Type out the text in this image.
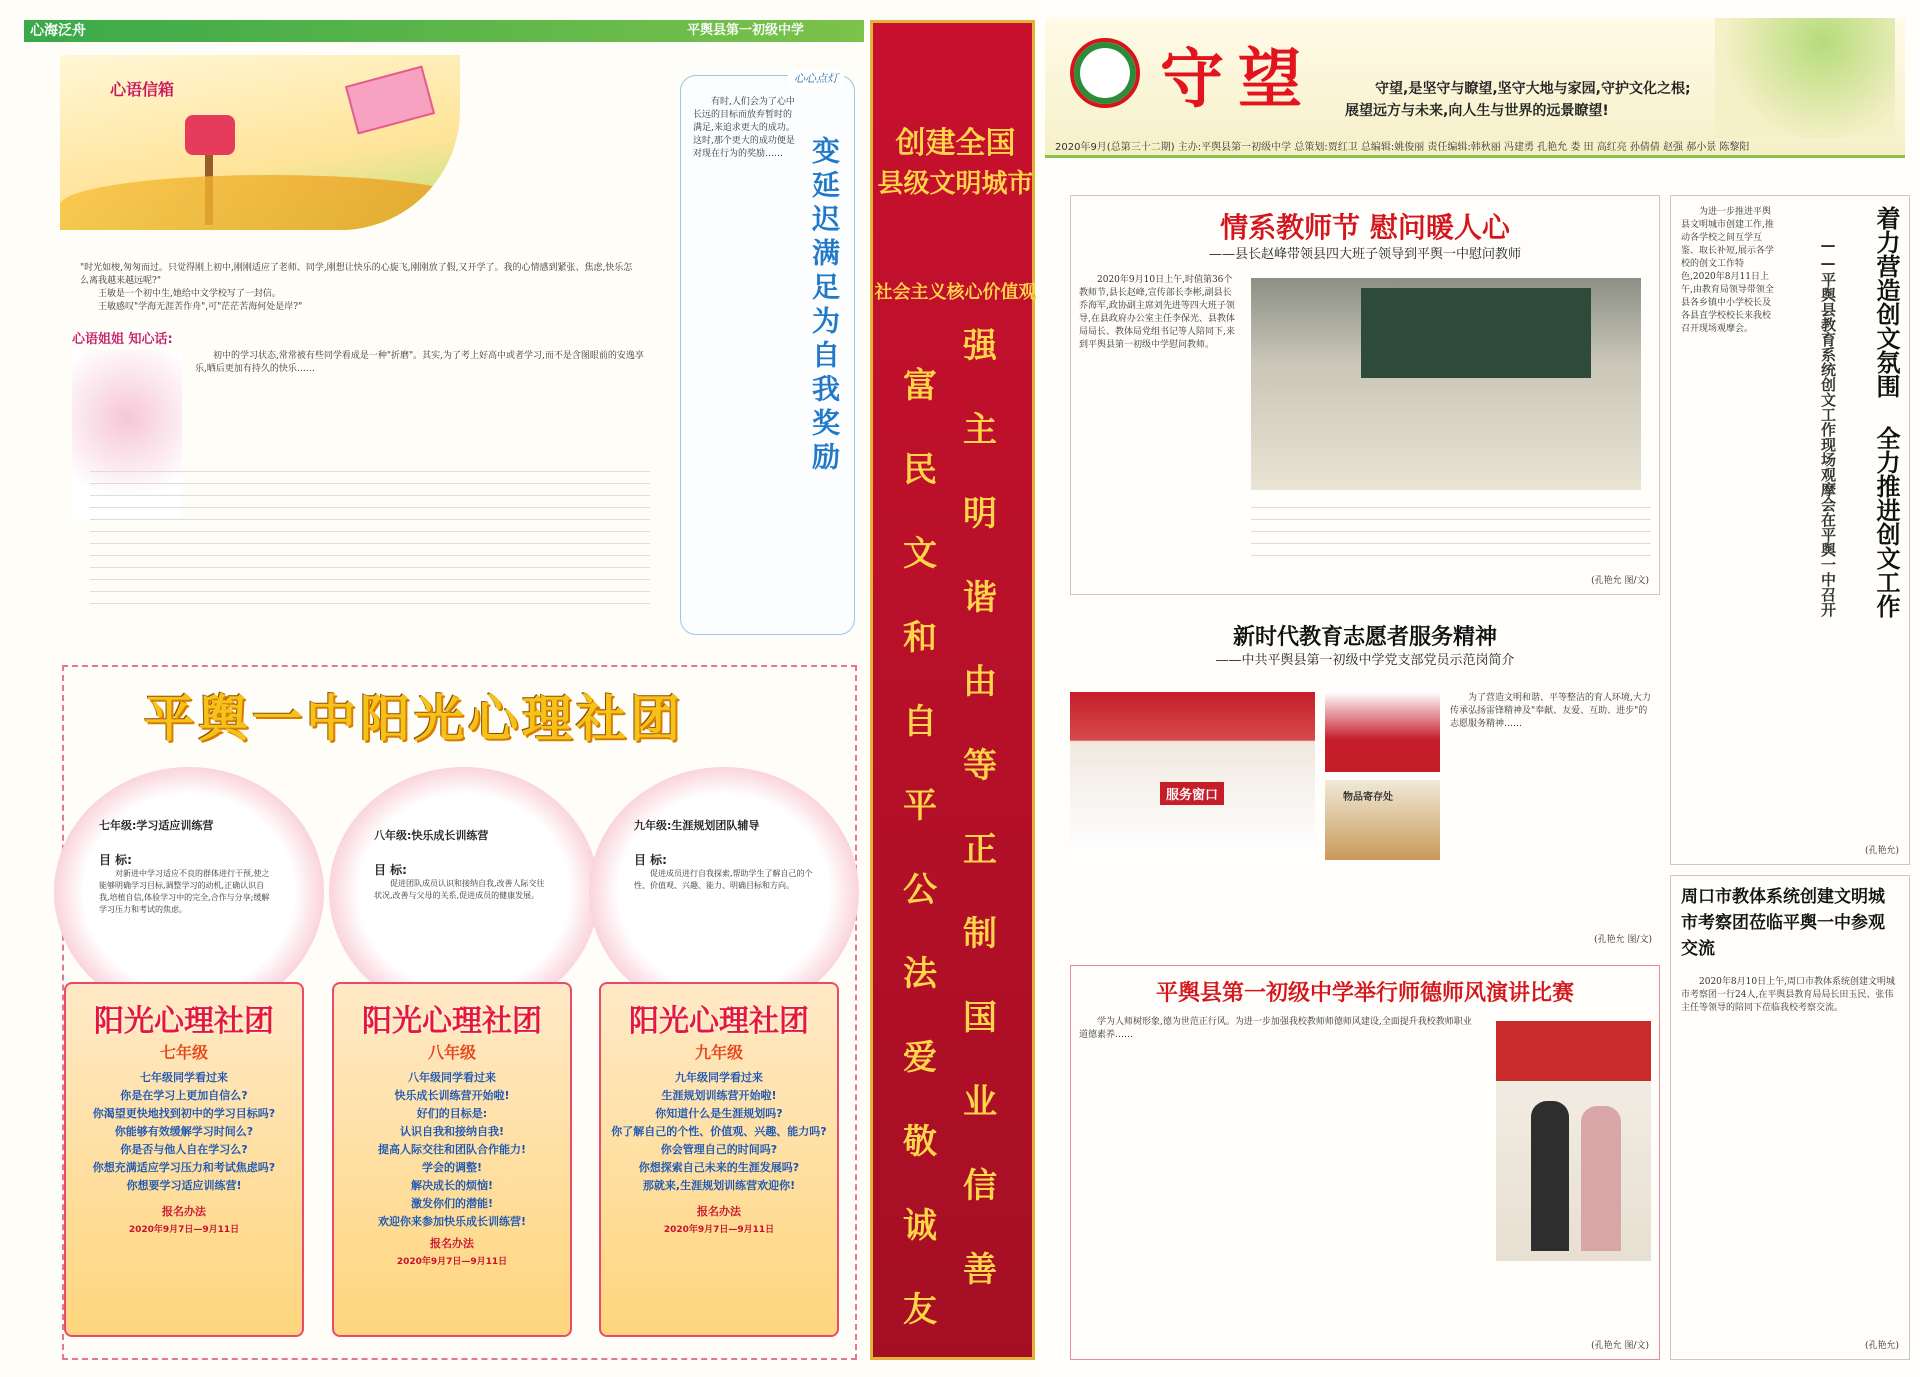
心海泛舟	平舆县第一初级中学
心语信箱

"时光如梭,匆匆而过。只觉得刚上初中,刚刚适应了老师、同学,刚想让快乐的心旋飞,刚刚放了假,又开学了。我的心情感到紧张、焦虑,快乐怎么离我越来越远呢?"

王敏是一个初中生,她给中文学校写了一封信。

王敏感叹"学海无涯苦作舟",可"茫茫苦海何处是岸?"

心语姐姐 知心话:
初中的学习状态,常常被有些同学看成是一种"折磨"。其实,为了考上好高中或者学习,而不是含图眼前的安逸享乐,晒后更加有持久的快乐……
心心点灯
有时,人们会为了心中长远的目标而放弃暂时的满足,来追求更大的成功。这时,那个更大的成功便是对现在行为的奖励…… 变延迟满足为自我奖励
平舆一中阳光心理社团
七年级:学习适应训练营
目 标:
对新进中学习适应不良的群体进行干预,使之能够明确学习目标,调整学习的动机,正确认识自我,培植自信,体验学习中的完全,合作与分享;缓解学习压力和考试的焦虑。
八年级:快乐成长训练营
目 标:
促进团队成员认识和接纳自我,改善人际交往状况,改善与父母的关系,促进成员的健康发展。
九年级:生涯规划团队辅导
目 标:
促进成员进行自我探索,帮助学生了解自己的个性、价值观、兴趣、能力、明确目标和方向。
阳光心理社团
七年级
七年级同学看过来
你是在学习上更加自信么?
你渴望更快地找到初中的学习目标吗?
你能够有效缓解学习时间么?
你是否与他人自在学习么?
你想充满适应学习压力和考试焦虑吗?
你想要学习适应训练营!
报名办法
2020年9月7日—9月11日
阳光心理社团
八年级
八年级同学看过来
快乐成长训练营开始啦!
好们的目标是:
认识自我和接纳自我!
提高人际交往和团队合作能力!
学会的调整!
解决成长的烦恼!
激发你们的潜能!
欢迎你来参加快乐成长训练营!
报名办法
2020年9月7日—9月11日
阳光心理社团
九年级
九年级同学看过来
生涯规划训练营开始啦!
你知道什么是生涯规划吗?
你了解自己的个性、价值观、兴趣、能力吗?
你会管理自己的时间吗?
你想探索自己未来的生涯发展吗?
那就来,生涯规划训练营欢迎你!
报名办法
2020年9月7日—9月11日
创建全国
县级文明城市
社会主义核心价值观
富
民
文
和
自
平
公
法
爱
敬
诚
友
强
主
明
谐
由
等
正
制
国
业
信
善
守望	守望,是坚守与瞭望,坚守大地与家园,守护文化之根;
展望远方与未来,向人生与世界的远景瞭望!
2020年9月(总第三十二期) 主办:平舆县第一初级中学 总策划:贾红卫 总编辑:姚俊丽 责任编辑:韩秋丽 冯建勇 孔艳允 娄 田 高红亮 孙倩倩 赵强 郝小景 陈黎阳
情系教师节 慰问暖人心
——县长赵峰带领县四大班子领导到平舆一中慰问教师
2020年9月10日上午,时值第36个教师节,县长赵峰,宣传部长李彬,副县长乔海军,政协副主席刘先进等四大班子领导,在县政府办公室主任李保光、县教体局局长、教体局党组书记等人陪同下,来到平舆县第一初级中学慰问教师。
(孔艳允 图/文)	着力营造创文氛围 全力推进创文工作
——平舆县教育系统创文工作现场观摩会在平舆一中召开
为进一步推进平舆县文明城市创建工作,推动各学校之间互学互鉴、取长补短,展示各学校的创文工作特色,2020年8月11日上午,由教育局领导带领全县各乡镇中小学校长及各县直学校校长来我校召开现场观摩会。
(孔艳允)
新时代教育志愿者服务精神
——中共平舆县第一初级中学党支部党员示范岗简介
服务窗口	物品寄存处
为了营造文明和谐、平等整洁的育人环境,大力传承弘扬雷锋精神及"奉献、友爱、互助、进步"的志愿服务精神……
(孔艳允 图/文)
平舆县第一初级中学举行师德师风演讲比赛
学为人师树形象,德为世范正行风。为进一步加强我校教师师德师风建设,全面提升我校教师职业道德素养……
(孔艳允 图/文)
周口市教体系统创建文明城市考察团莅临平舆一中参观交流
2020年8月10日上午,周口市教体系统创建文明城市考察团一行24人,在平舆县教育局局长田玉民、张伟主任等领导的陪同下莅临我校考察交流。
(孔艳允)
